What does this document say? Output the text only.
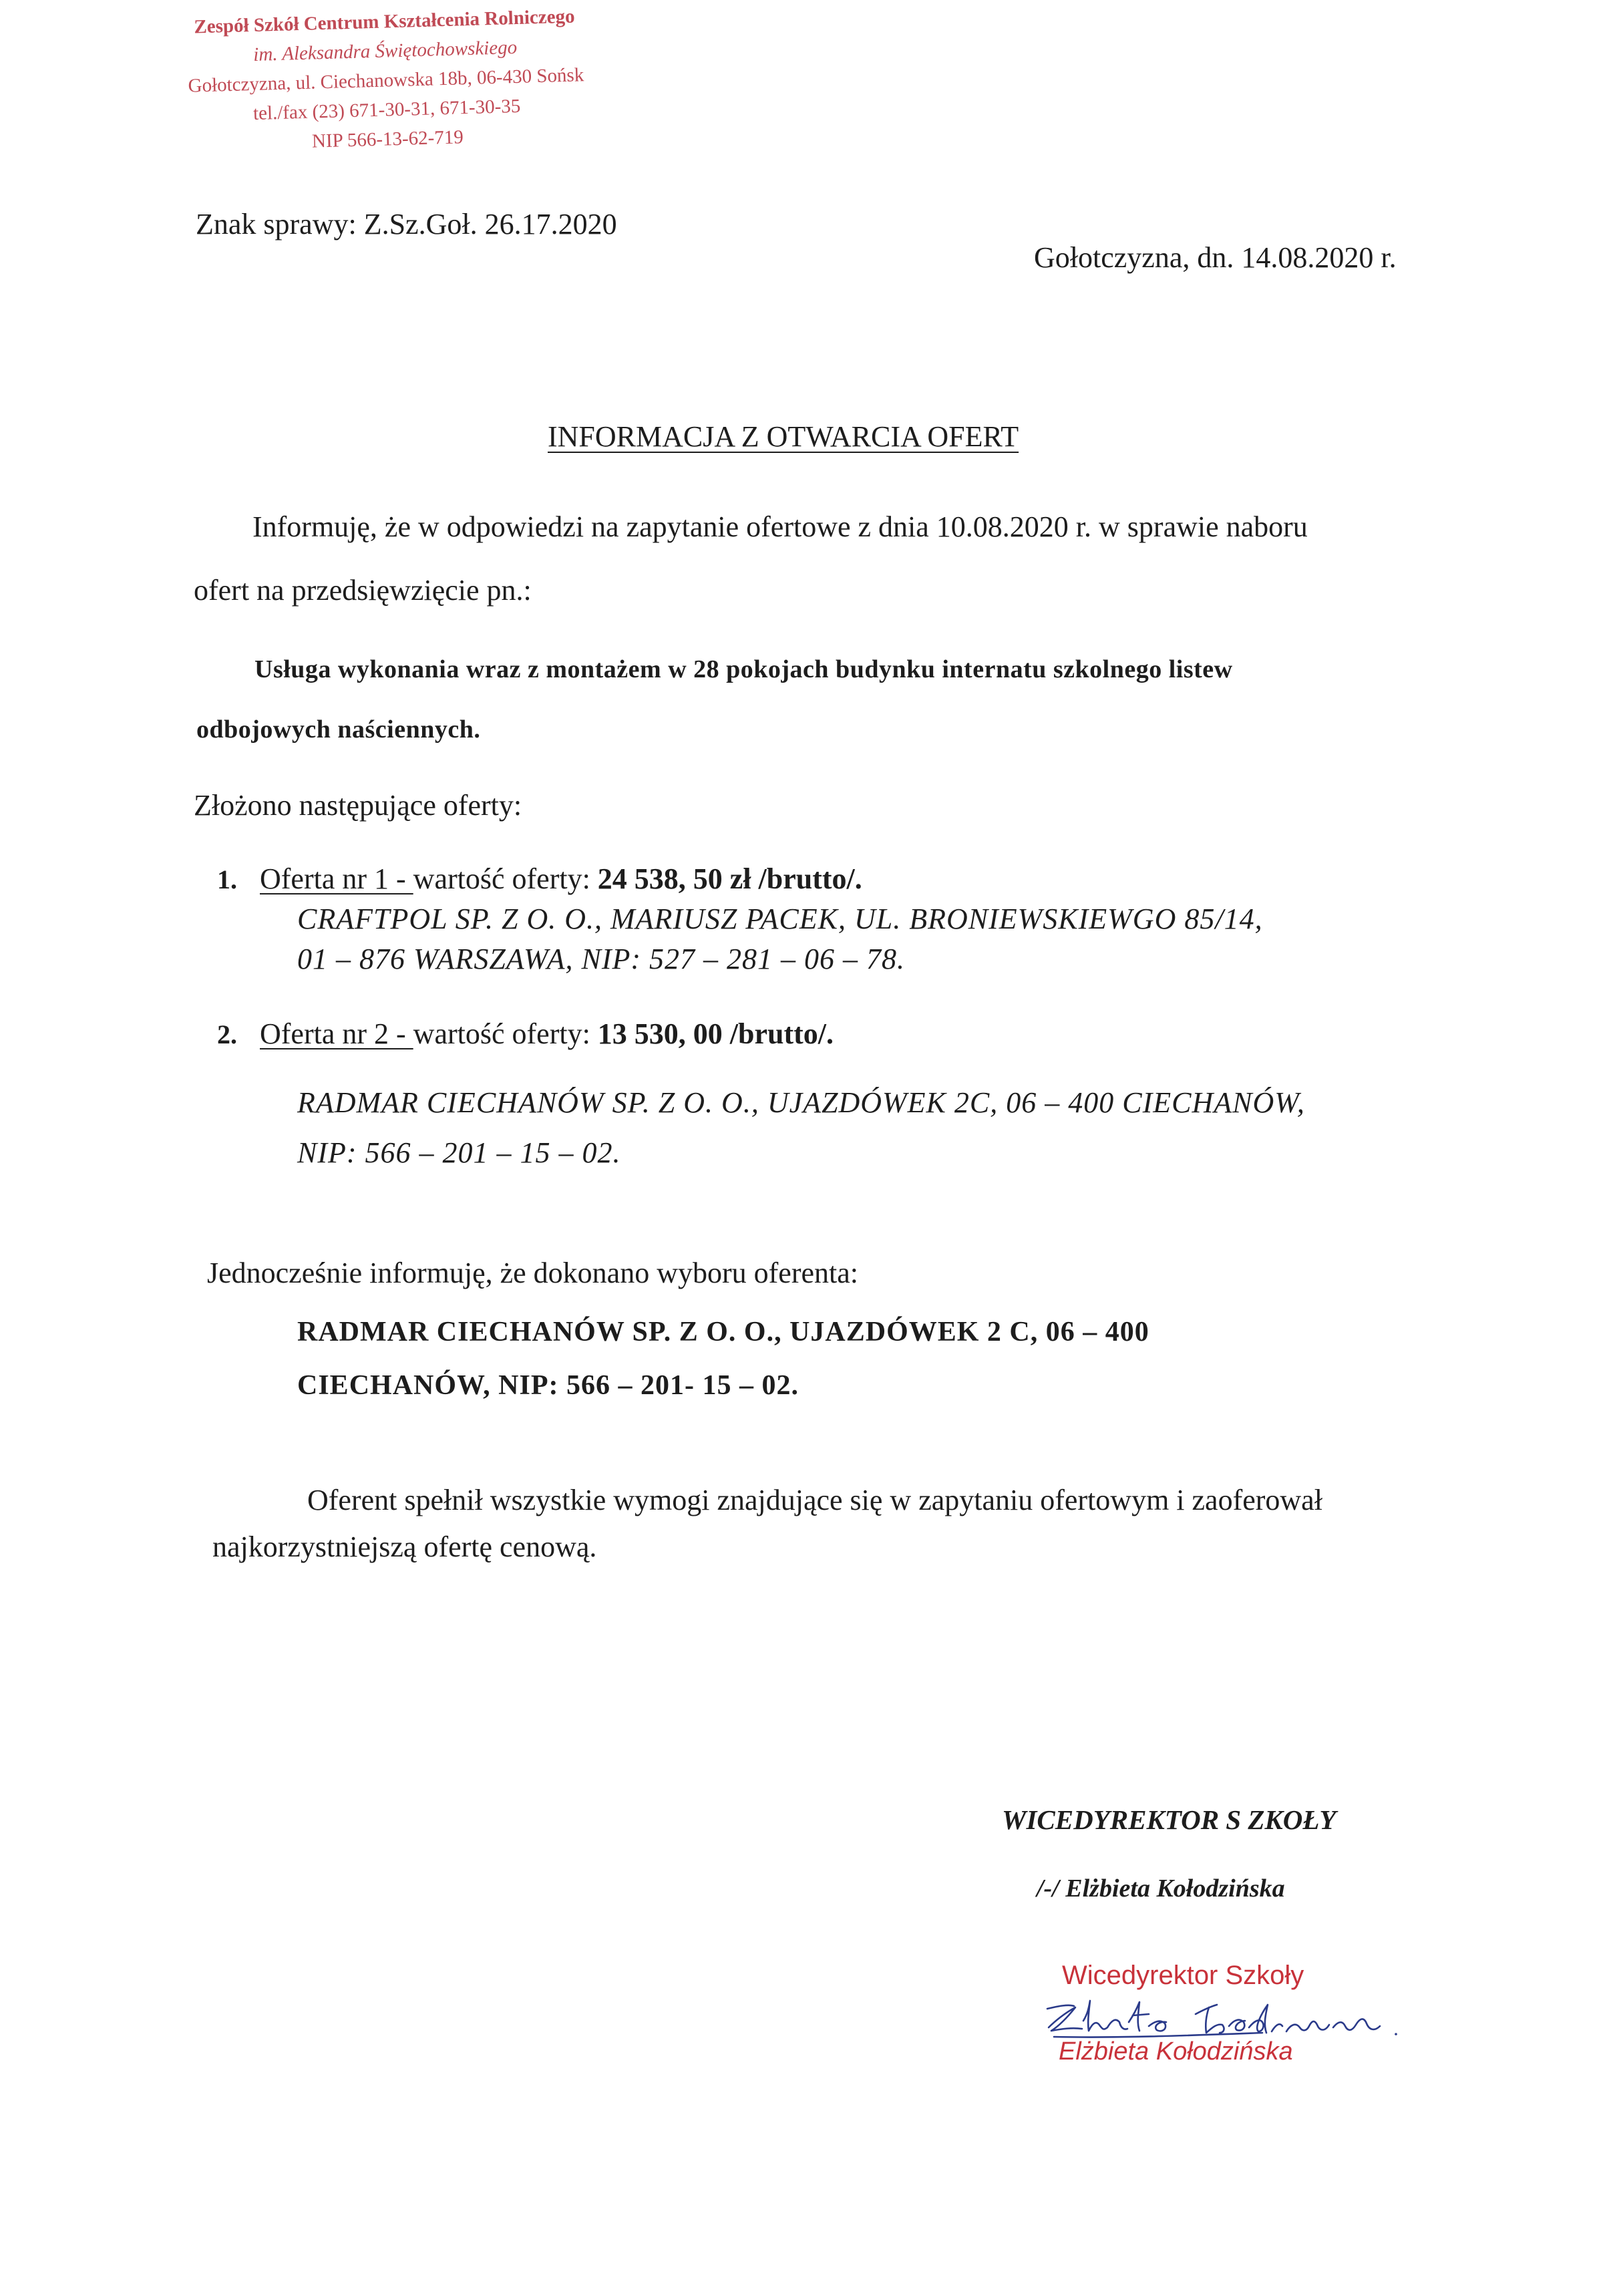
Zespół Szkół Centrum Kształcenia Rolniczego
im. Aleksandra Świętochowskiego
Gołotczyzna, ul. Ciechanowska 18b, 06-430 Sońsk
tel./fax (23) 671-30-31, 671-30-35
NIP 566-13-62-719
Znak sprawy: Z.Sz.Goł. 26.17.2020
Gołotczyzna, dn. 14.08.2020 r.
INFORMACJA Z OTWARCIA OFERT
Informuję, że w odpowiedzi na zapytanie ofertowe z dnia 10.08.2020 r. w sprawie naboru
ofert na przedsięwzięcie pn.:
Usługa wykonania wraz z montażem w 28 pokojach budynku internatu szkolnego listew
odbojowych naściennych.
Złożono następujące oferty:
1. Oferta nr 1 - wartość oferty: 24 538, 50 zł /brutto/.
CRAFTPOL SP. Z O. O., MARIUSZ PACEK, UL. BRONIEWSKIEWGO 85/14,
01 – 876 WARSZAWA, NIP: 527 – 281 – 06 – 78.
2. Oferta nr 2 - wartość oferty: 13 530, 00 /brutto/.
RADMAR CIECHANÓW SP. Z O. O., UJAZDÓWEK 2C, 06 – 400 CIECHANÓW,
NIP: 566 – 201 – 15 – 02.
Jednocześnie informuję, że dokonano wyboru oferenta:
RADMAR CIECHANÓW SP. Z O. O., UJAZDÓWEK 2 C, 06 – 400
CIECHANÓW, NIP: 566 – 201- 15 – 02.
Oferent spełnił wszystkie wymogi znajdujące się w zapytaniu ofertowym i zaoferował
najkorzystniejszą ofertę cenową.
WICEDYREKTOR S ZKOŁY
/-/ Elżbieta Kołodzińska
Wicedyrektor Szkoły
Elżbieta Kołodzińska
Elżbieta Kołodzińska
